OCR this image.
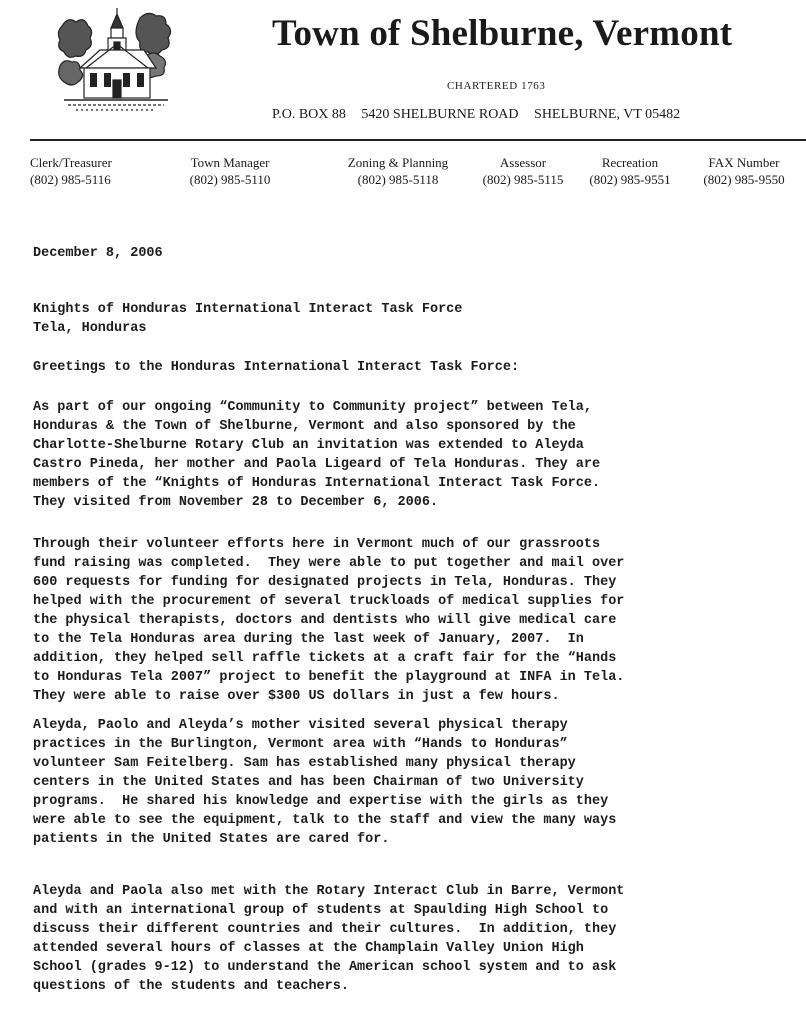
Town of Shelburne, Vermont
CHARTERED 1763
P.O. BOX 88 5420 SHELBURNE ROAD SHELBURNE, VT 05482
Clerk/Treasurer
(802) 985-5116
Town Manager
(802) 985-5110
Zoning & Planning
(802) 985-5118
Assessor
(802) 985-5115
Recreation
(802) 985-9551
FAX Number
(802) 985-9550
December 8, 2006
Knights of Honduras International Interact Task Force
Tela, Honduras
Greetings to the Honduras International Interact Task Force:
As part of our ongoing “Community to Community project” between Tela,
Honduras & the Town of Shelburne, Vermont and also sponsored by the
Charlotte-Shelburne Rotary Club an invitation was extended to Aleyda
Castro Pineda, her mother and Paola Ligeard of Tela Honduras. They are
members of the “Knights of Honduras International Interact Task Force.
They visited from November 28 to December 6, 2006.
Through their volunteer efforts here in Vermont much of our grassroots
fund raising was completed.  They were able to put together and mail over
600 requests for funding for designated projects in Tela, Honduras. They
helped with the procurement of several truckloads of medical supplies for
the physical therapists, doctors and dentists who will give medical care
to the Tela Honduras area during the last week of January, 2007.  In
addition, they helped sell raffle tickets at a craft fair for the “Hands
to Honduras Tela 2007” project to benefit the playground at INFA in Tela.
They were able to raise over $300 US dollars in just a few hours.
Aleyda, Paolo and Aleyda’s mother visited several physical therapy
practices in the Burlington, Vermont area with “Hands to Honduras”
volunteer Sam Feitelberg. Sam has established many physical therapy
centers in the United States and has been Chairman of two University
programs.  He shared his knowledge and expertise with the girls as they
were able to see the equipment, talk to the staff and view the many ways
patients in the United States are cared for.
Aleyda and Paola also met with the Rotary Interact Club in Barre, Vermont
and with an international group of students at Spaulding High School to
discuss their different countries and their cultures.  In addition, they
attended several hours of classes at the Champlain Valley Union High
School (grades 9-12) to understand the American school system and to ask
questions of the students and teachers.
